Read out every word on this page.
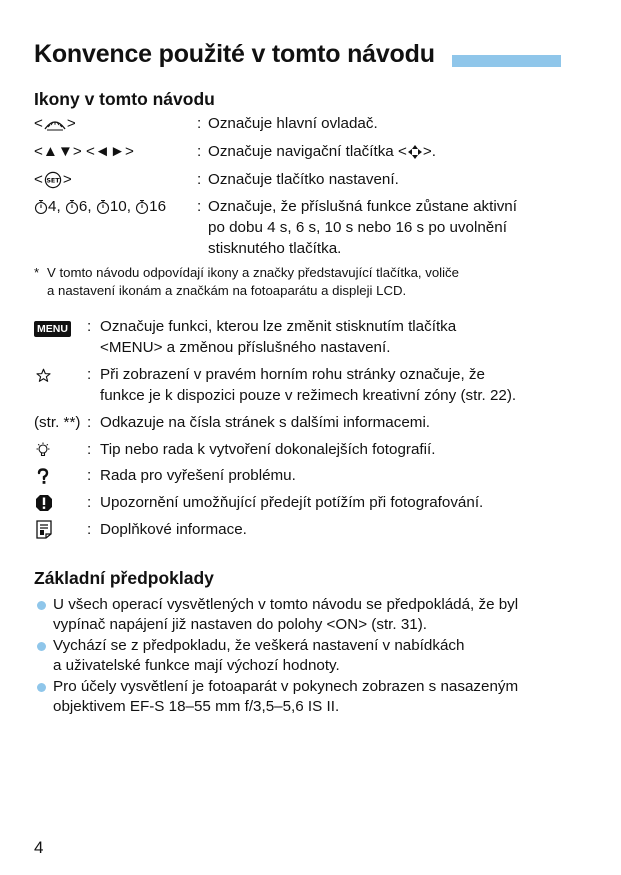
Konvence použité v tomto návodu
Ikony v tomto návodu
< >	: Označuje hlavní ovladač.
<▲▼> <◄►>	: Označuje navigační tlačítka < >.
< SET >	: Označuje tlačítko nastavení.
4, 6, 10, 16 : Označuje, že příslušná funkce zůstane aktivní
po dobu 4 s, 6 s, 10 s nebo 16 s po uvolnění
stisknutého tlačítka.
* V tomto návodu odpovídají ikony a značky představující tlačítka, voliče
a nastavení ikonám a značkám na fotoaparátu a displeji LCD.
MENU : Označuje funkci, kterou lze změnit stisknutím tlačítka
<MENU> a změnou příslušného nastavení.
: Při zobrazení v pravém horním rohu stránky označuje, že
funkce je k dispozici pouze v režimech kreativní zóny (str. 22).
(str. **) : Odkazuje na čísla stránek s dalšími informacemi.
: Tip nebo rada k vytvoření dokonalejších fotografií.
: Rada pro vyřešení problému.
: Upozornění umožňující předejít potížím při fotografování.
: Doplňkové informace.
Základní předpoklady
U všech operací vysvětlených v tomto návodu se předpokládá, že byl
vypínač napájení již nastaven do polohy <ON> (str. 31).
Vychází se z předpokladu, že veškerá nastavení v nabídkách
a uživatelské funkce mají výchozí hodnoty.
Pro účely vysvětlení je fotoaparát v pokynech zobrazen s nasazeným
objektivem EF-S 18–55 mm f/3,5–5,6 IS II.
4
